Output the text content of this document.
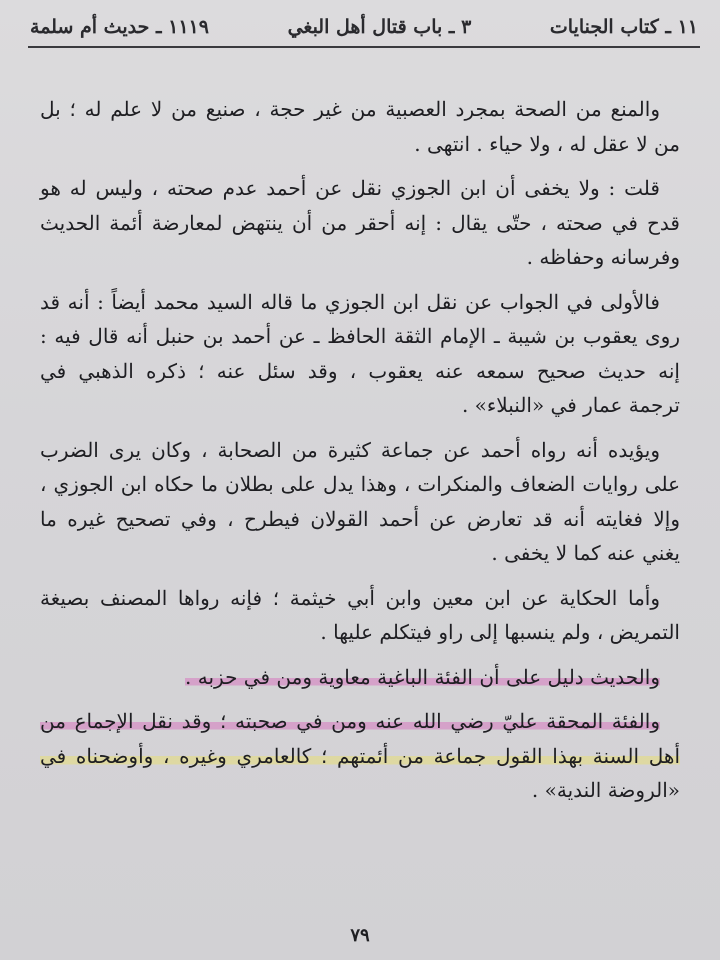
١١ ـ كتاب الجنايات
٣ ـ باب قتال أهل البغي
١١١٩ ـ حديث أم سلمة
والمنع من الصحة بمجرد العصبية من غير حجة ، صنيع من لا علم له ؛ بل
من لا عقل له ، ولا حياء . انتهى .
قلت : ولا يخفى أن ابن الجوزي نقل عن أحمد عدم صحته ، وليس له هو
قدح في صحته ، حتّى يقال : إنه أحقر من أن ينتهض لمعارضة أئمة الحديث
وفرسانه وحفاظه .
فالأولى في الجواب عن نقل ابن الجوزي ما قاله السيد محمد أيضاً : أنه قد
روى يعقوب بن شيبة ـ الإمام الثقة الحافظ ـ عن أحمد بن حنبل أنه قال فيه :
إنه حديث صحيح سمعه عنه يعقوب ، وقد سئل عنه ؛ ذكره الذهبي في
ترجمة عمار في «النبلاء» .
ويؤيده أنه رواه أحمد عن جماعة كثيرة من الصحابة ، وكان يرى الضرب
على روايات الضعاف والمنكرات ، وهذا يدل على بطلان ما حكاه ابن الجوزي ،
وإلا فغايته أنه قد تعارض عن أحمد القولان فيطرح ، وفي تصحيح غيره ما
يغني عنه كما لا يخفى .
وأما الحكاية عن ابن معين وابن أبي خيثمة ؛ فإنه رواها المصنف بصيغة
التمريض ، ولم ينسبها إلى راو فيتكلم عليها .
والحديث دليل على أن الفئة الباغية معاوية ومن في حزبه .
والفئة المحقة عليّ رضي الله عنه ومن في صحبته ؛ وقد نقل الإجماع من
أهل السنة بهذا القول جماعة من أئمتهم ؛ كالعامري وغيره ، وأوضحناه في
«الروضة الندية» .
٧٩
